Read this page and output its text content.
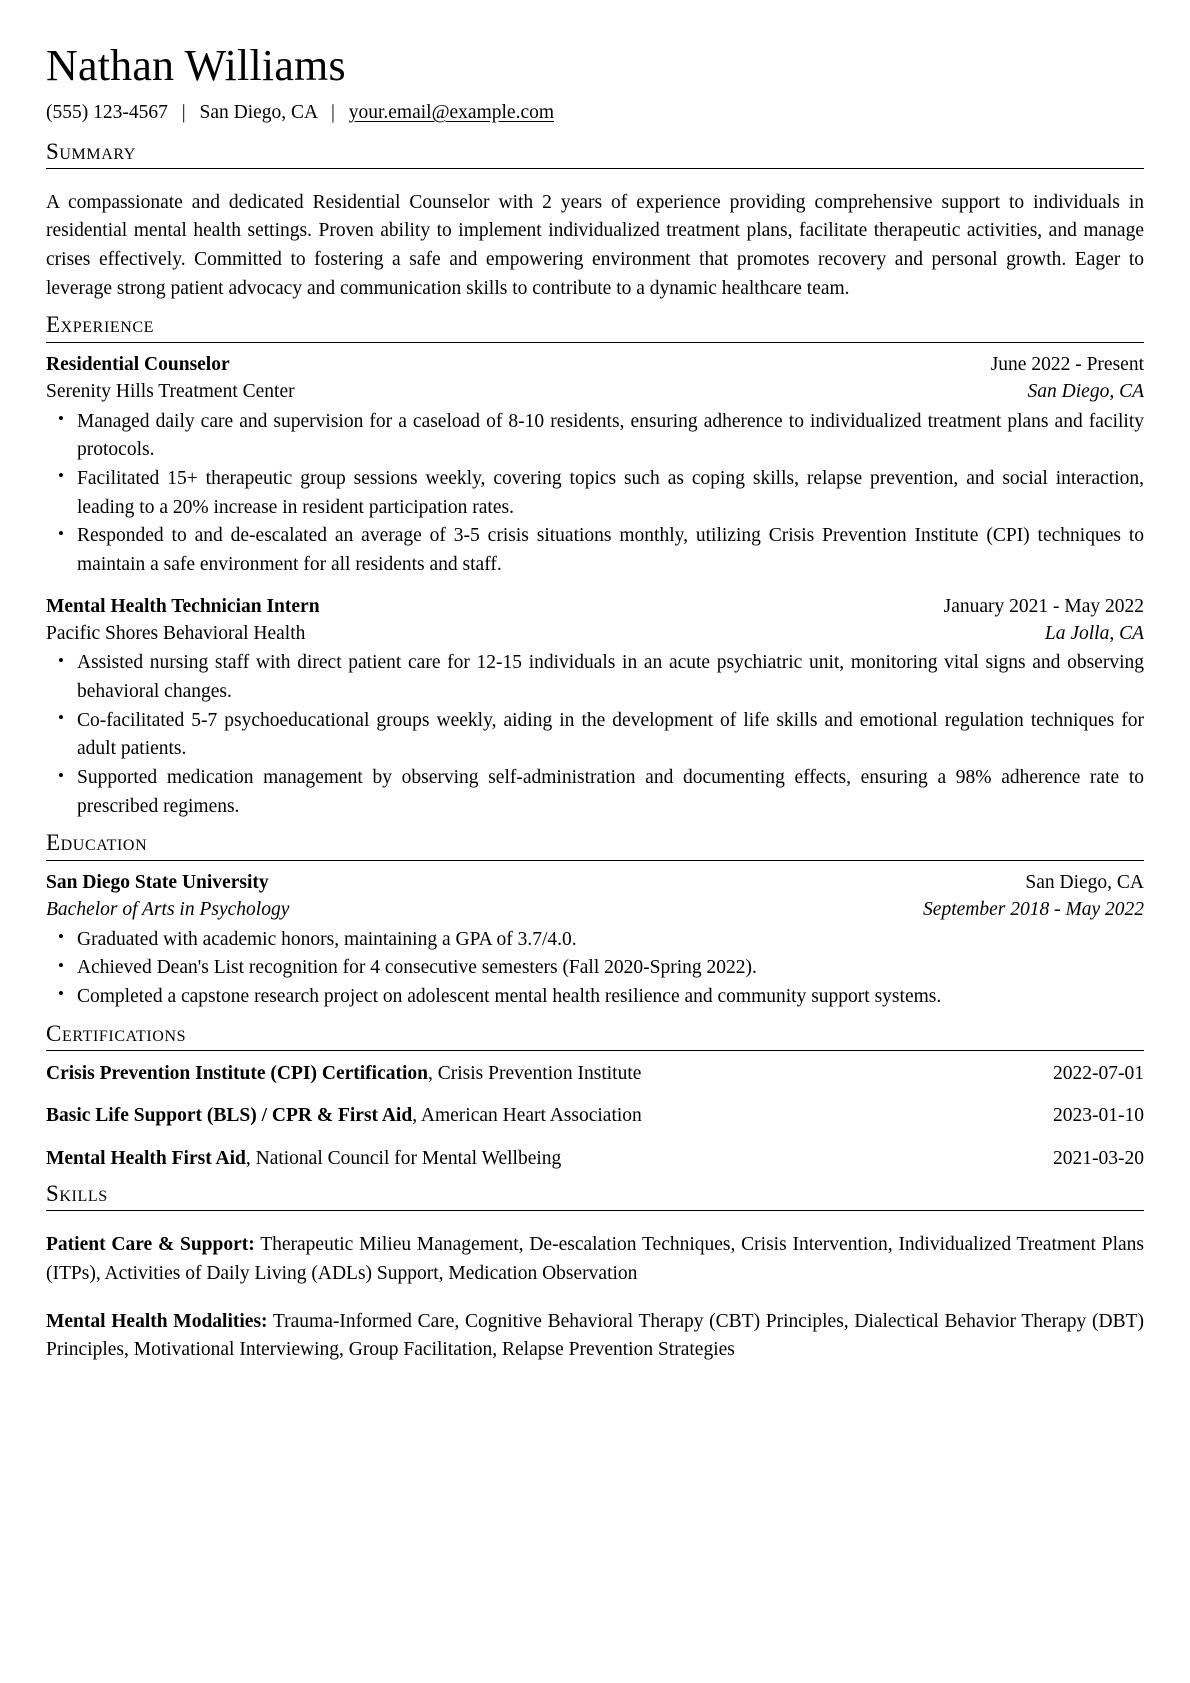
Nathan Williams
(555) 123-4567 | San Diego, CA | your.email@example.com
Summary

A compassionate and dedicated Residential Counselor with 2 years of experience providing comprehensive support to individuals in residential mental health settings. Proven ability to implement individualized treatment plans, facilitate therapeutic activities, and manage crises effectively. Committed to fostering a safe and empowering environment that promotes recovery and personal growth. Eager to leverage strong patient advocacy and communication skills to contribute to a dynamic healthcare team.

Experience
Residential Counselor	June 2022 - Present
Serenity Hills Treatment Center	San Diego, CA
• Managed daily care and supervision for a caseload of 8-10 residents, ensuring adherence to individualized treatment plans and facility protocols.
• Facilitated 15+ therapeutic group sessions weekly, covering topics such as coping skills, relapse prevention, and social interaction, leading to a 20% increase in resident participation rates.
• Responded to and de-escalated an average of 3-5 crisis situations monthly, utilizing Crisis Prevention Institute (CPI) techniques to maintain a safe environment for all residents and staff.
Mental Health Technician Intern	January 2021 - May 2022
Pacific Shores Behavioral Health	La Jolla, CA
• Assisted nursing staff with direct patient care for 12-15 individuals in an acute psychiatric unit, monitoring vital signs and observing behavioral changes.
• Co-facilitated 5-7 psychoeducational groups weekly, aiding in the development of life skills and emotional regulation techniques for adult patients.
• Supported medication management by observing self-administration and documenting effects, ensuring a 98% adherence rate to prescribed regimens.
Education
San Diego State University	San Diego, CA
Bachelor of Arts in Psychology	September 2018 - May 2022
• Graduated with academic honors, maintaining a GPA of 3.7/4.0.
• Achieved Dean's List recognition for 4 consecutive semesters (Fall 2020-Spring 2022).
• Completed a capstone research project on adolescent mental health resilience and community support systems.
Certifications
Crisis Prevention Institute (CPI) Certification, Crisis Prevention Institute	2022-07-01
Basic Life Support (BLS) / CPR & First Aid, American Heart Association	2023-01-10
Mental Health First Aid, National Council for Mental Wellbeing	2021-03-20
Skills

Patient Care & Support: Therapeutic Milieu Management, De-escalation Techniques, Crisis Intervention, Individualized Treatment Plans (ITPs), Activities of Daily Living (ADLs) Support, Medication Observation

Mental Health Modalities: Trauma-Informed Care, Cognitive Behavioral Therapy (CBT) Principles, Dialectical Behavior Therapy (DBT) Principles, Motivational Interviewing, Group Facilitation, Relapse Prevention Strategies
